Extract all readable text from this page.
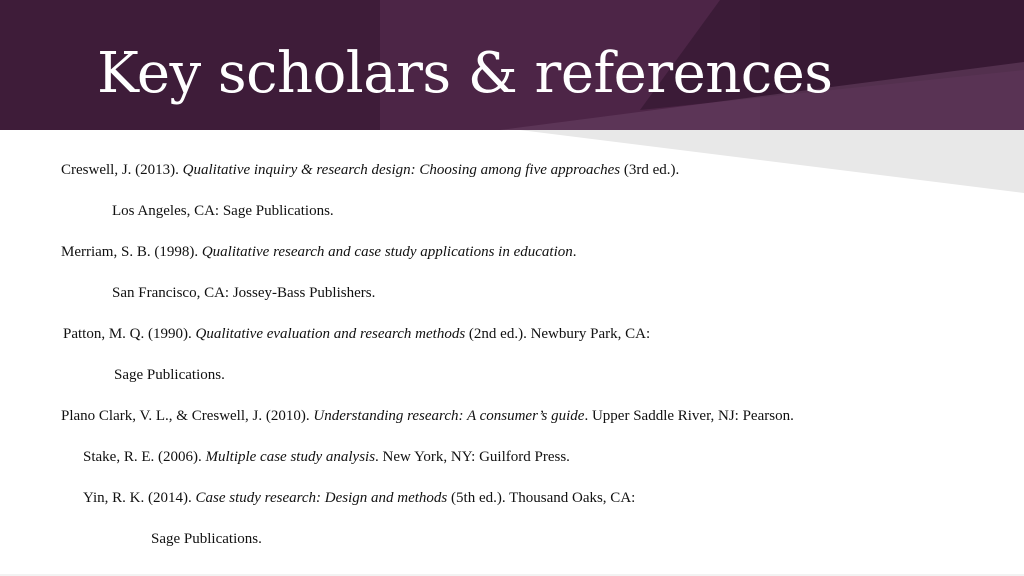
Key scholars & references
Creswell, J. (2013). Qualitative inquiry & research design: Choosing among five approaches (3rd ed.).
Los Angeles, CA: Sage Publications.
Merriam, S. B. (1998). Qualitative research and case study applications in education.
San Francisco, CA: Jossey-Bass Publishers.
Patton, M. Q. (1990). Qualitative evaluation and research methods (2nd ed.). Newbury Park, CA:
Sage Publications.
Plano Clark, V. L., & Creswell, J. (2010). Understanding research: A consumer’s guide. Upper Saddle River, NJ: Pearson.
Stake, R. E. (2006). Multiple case study analysis. New York, NY: Guilford Press.
Yin, R. K. (2014). Case study research: Design and methods (5th ed.). Thousand Oaks, CA:
Sage Publications.
